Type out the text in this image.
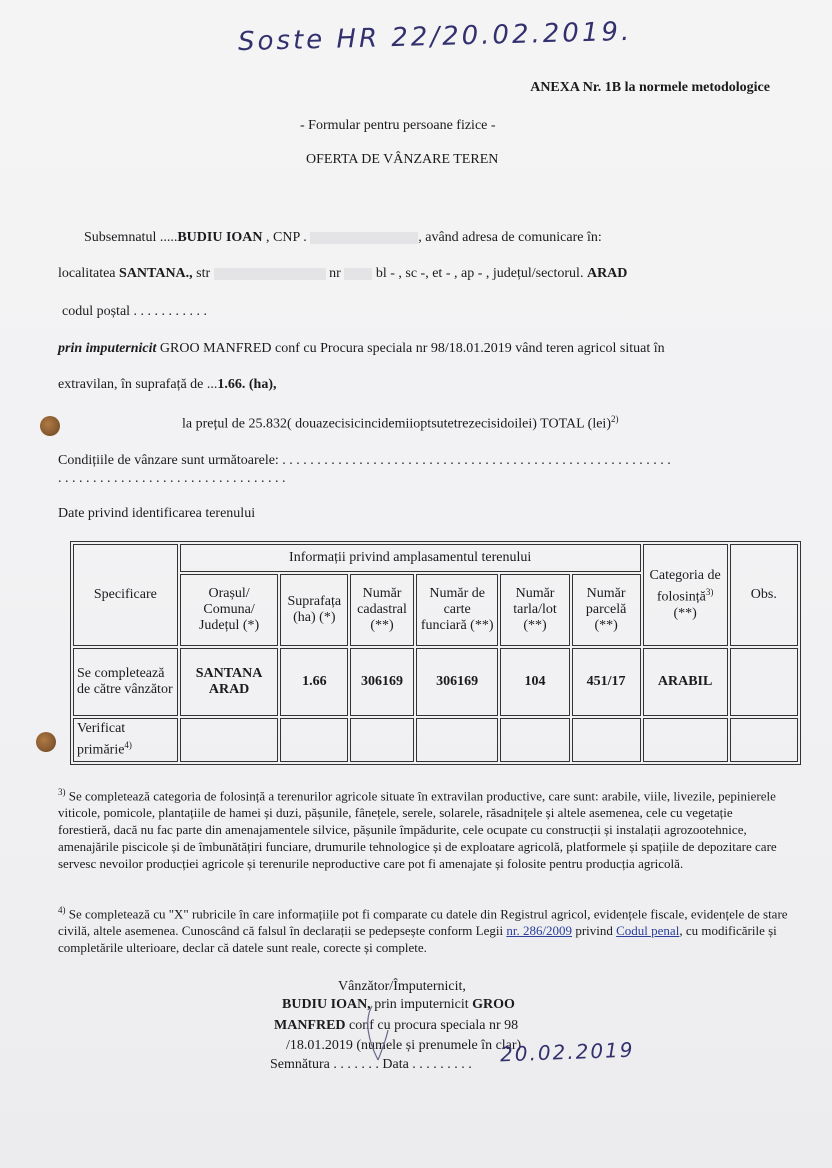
Soste HR 22/20.02.2019.
ANEXA Nr. 1B la normele metodologice
- Formular pentru persoane fizice -
OFERTA DE VÂNZARE TEREN
Subsemnatul .....BUDIU IOAN , CNP .	, având adresa de comunicare în:
localitatea SANTANA., str	nr	bl - , sc -, et - , ap - , județul/sectorul. ARAD
codul poștal . . . . . . . . . . .
prin imputernicit GROO MANFRED conf cu Procura speciala nr 98/18.01.2019 vând teren agricol situat în
extravilan, în suprafață de ...1.66. (ha),
la prețul de 25.832( douazecisicincidemiioptsutetrezecisidoilei) TOTAL (lei)$^{2)}$
Condițiile de vânzare sunt următoarele: . . . . . . . . . . . . . . . . . . . . . . . . . . . . . . . . . . . . . . . . . . . . . . . . . . . . . . . .
. . . . . . . . . . . . . . . . . . . . . . . . . . . . . . . . .
Date privind identificarea terenului
Specificare	Informații privind amplasamentul terenului						Categoria de folosință$^{3)}$ (**)	Obs.
	Orașul/ Comuna/ Județul (*)	Suprafața (ha) (*)	Număr cadastral (**)	Număr de carte funciară (**)	Număr tarla/lot (**)	Număr parcelă (**)		
Se completează de către vânzător	SANTANA ARAD	1.66	306169	306169	104	451/17	ARABIL	
Verificat primărie$^{4)}$								
$^{3)}$ Se completează categoria de folosință a terenurilor agricole situate în extravilan productive, care sunt: arabile, viile, livezile, pepinierele viticole, pomicole, plantațiile de hamei și duzi, pășunile, fânețele, serele, solarele, răsadnițele și altele asemenea, cele cu vegetație forestieră, dacă nu fac parte din amenajamentele silvice, pășunile împădurite, cele ocupate cu construcții și instalații agrozootehnice, amenajările piscicole și de îmbunătățiri funciare, drumurile tehnologice și de exploatare agricolă, platformele și spațiile de depozitare care servesc nevoilor producției agricole și terenurile neproductive care pot fi amenajate și folosite pentru producția agricolă.
$^{4)}$ Se completează cu "X" rubricile în care informațiile pot fi comparate cu datele din Registrul agricol, evidențele fiscale, evidențele de stare civilă, altele asemenea. Cunoscând că falsul în declarații se pedepsește conform Legii nr. 286/2009 privind Codul penal, cu modificările și completările ulterioare, declar că datele sunt reale, corecte și complete.
Vânzător/Împuternicit,
BUDIU IOAN, prin imputernicit GROO
MANFRED conf cu procura speciala nr 98
/18.01.2019 (numele și prenumele în clar)
Semnătura . . . . . . . Data . . . . . . . . . 20.02.2019
